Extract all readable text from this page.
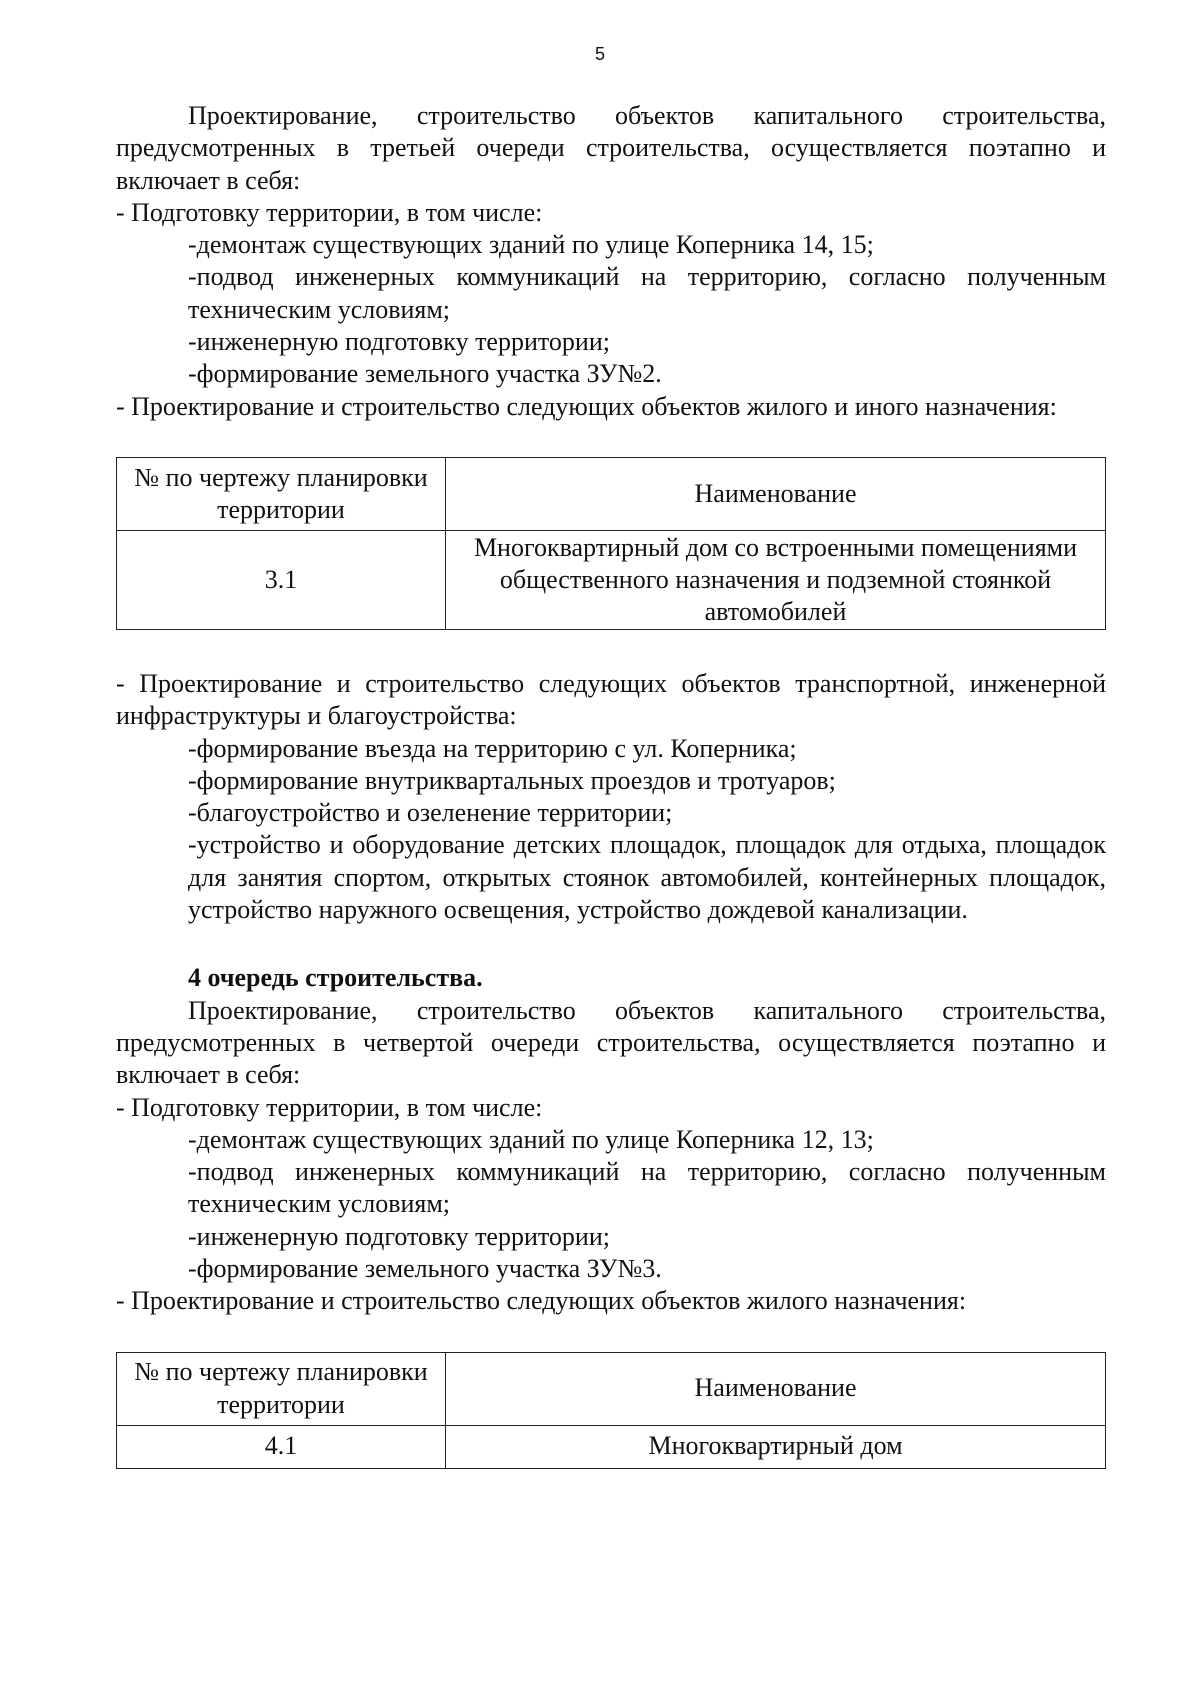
5

Проектирование, строительство объектов капитального строительства, предусмотренных в третьей очереди строительства, осуществляется поэтапно и включает в себя:

- Подготовку территории, в том числе:

-демонтаж существующих зданий по улице Коперника 14, 15;

-подвод инженерных коммуникаций на территорию, согласно полученным техническим условиям;

-инженерную подготовку территории;

-формирование земельного участка ЗУ№2.

- Проектирование и строительство следующих объектов жилого и иного назначения:

№ по чертежу планировки территории	Наименование
3.1	Многоквартирный дом со встроенными помещениями общественного назначения и подземной стоянкой автомобилей

- Проектирование и строительство следующих объектов транспортной, инженерной инфраструктуры и благоустройства:

-формирование въезда на территорию с ул. Коперника;

-формирование внутриквартальных проездов и тротуаров;

-благоустройство и озеленение территории;

-устройство и оборудование детских площадок, площадок для отдыха, площадок для занятия спортом, открытых стоянок автомобилей, контейнерных площадок, устройство наружного освещения, устройство дождевой канализации.

4 очередь строительства.

Проектирование, строительство объектов капитального строительства, предусмотренных в четвертой очереди строительства, осуществляется поэтапно и включает в себя:

- Подготовку территории, в том числе:

-демонтаж существующих зданий по улице Коперника 12, 13;

-подвод инженерных коммуникаций на территорию, согласно полученным техническим условиям;

-инженерную подготовку территории;

-формирование земельного участка ЗУ№3.

- Проектирование и строительство следующих объектов жилого назначения:

№ по чертежу планировки территории	Наименование
4.1	Многоквартирный дом
